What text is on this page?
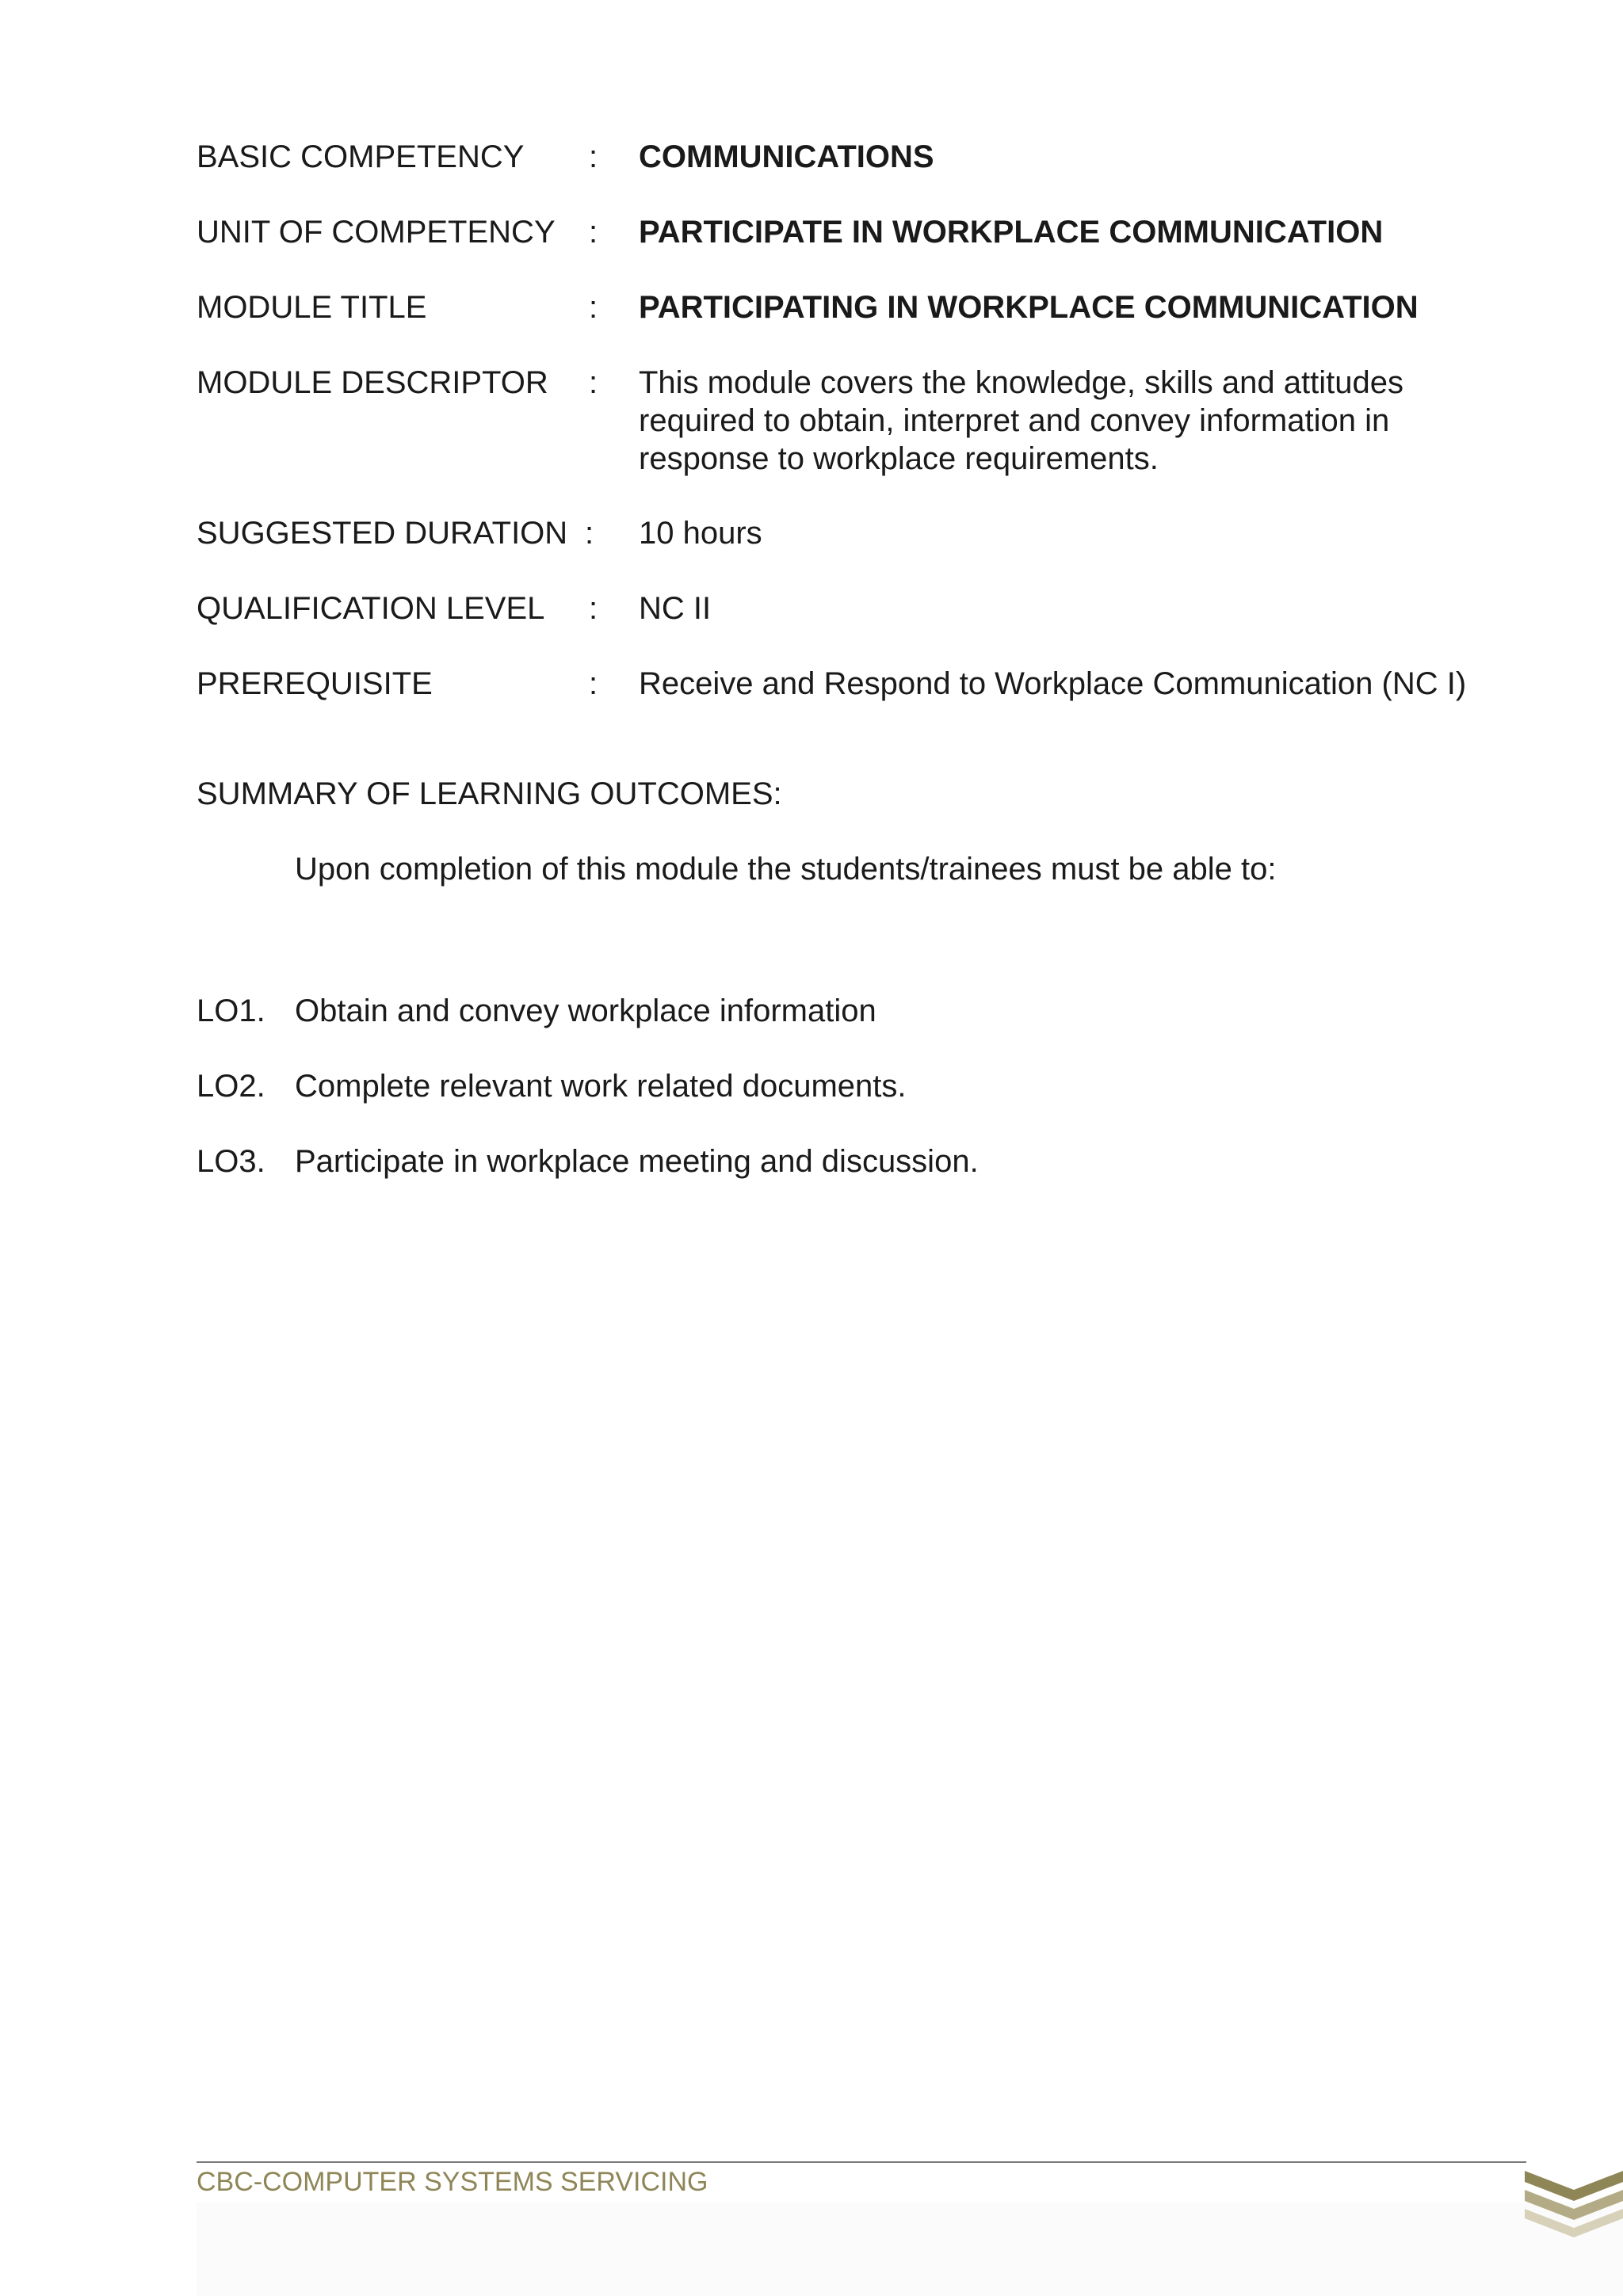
BASIC COMPETENCY : COMMUNICATIONS
UNIT OF COMPETENCY : PARTICIPATE IN WORKPLACE COMMUNICATION
MODULE TITLE	: PARTICIPATING IN WORKPLACE COMMUNICATION
MODULE DESCRIPTOR : This module covers the knowledge, skills and attitudes required to obtain, interpret and convey information in response to workplace requirements.
SUGGESTED DURATION : 10 hours
QUALIFICATION LEVEL : NC II
PREREQUISITE	: Receive and Respond to Workplace Communication (NC I)
SUMMARY OF LEARNING OUTCOMES:
Upon completion of this module the students/trainees must be able to:
LO1. Obtain and convey workplace information
LO2. Complete relevant work related documents.
LO3. Participate in workplace meeting and discussion.
CBC-COMPUTER SYSTEMS SERVICING
